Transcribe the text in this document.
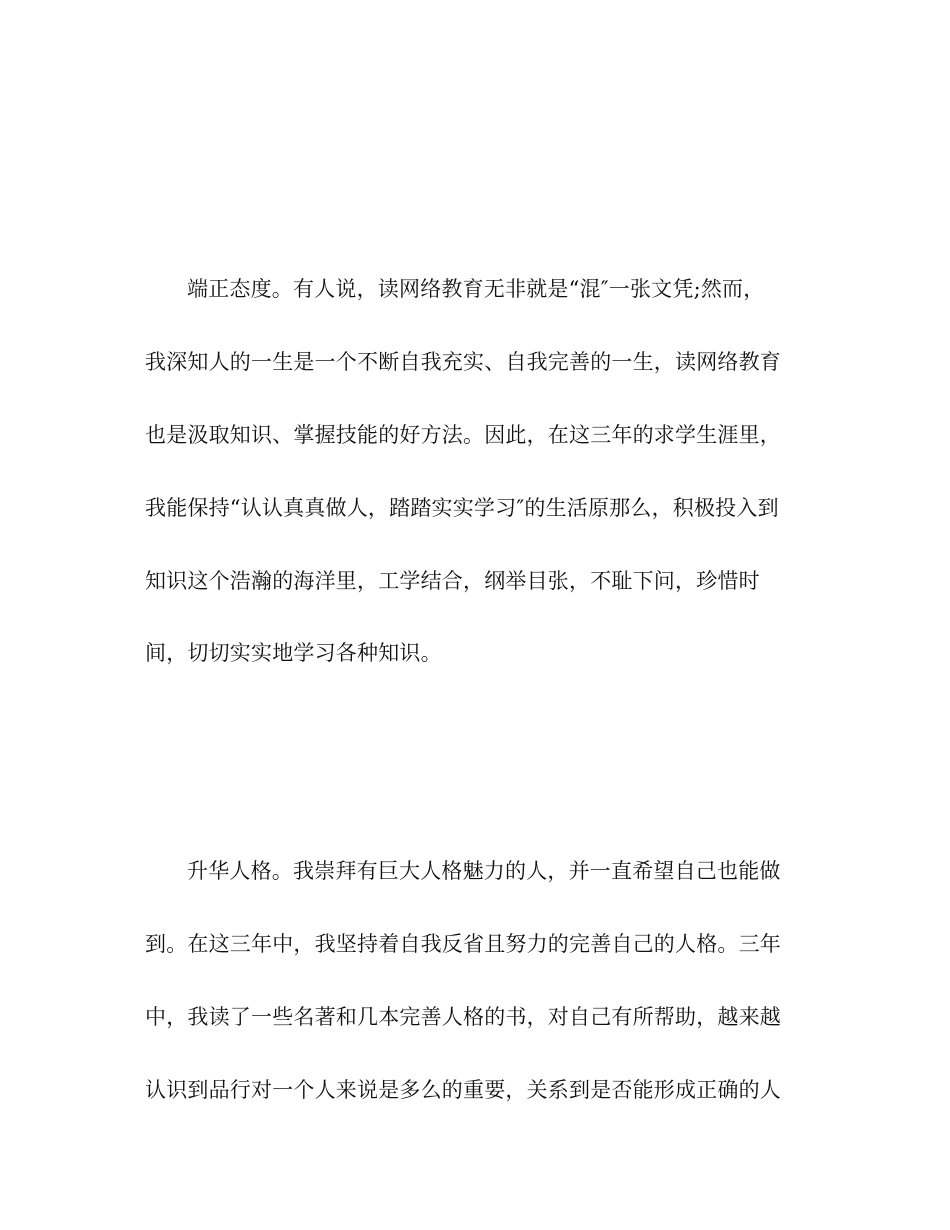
端正态度。有人说，读网络教育无非就是“混″一张文凭;然而，
我深知人的一生是一个不断自我充实、自我完善的一生，读网络教育
也是汲取知识、掌握技能的好方法。因此，在这三年的求学生涯里，
我能保持“认认真真做人，踏踏实实学习″的生活原那么，积极投入到
知识这个浩瀚的海洋里，工学结合，纲举目张，不耻下问，珍惜时
间，切切实实地学习各种知识。
升华人格。我崇拜有巨大人格魅力的人，并一直希望自己也能做
到。在这三年中，我坚持着自我反省且努力的完善自己的人格。三年
中，我读了一些名著和几本完善人格的书，对自己有所帮助，越来越
认识到品行对一个人来说是多么的重要，关系到是否能形成正确的人
